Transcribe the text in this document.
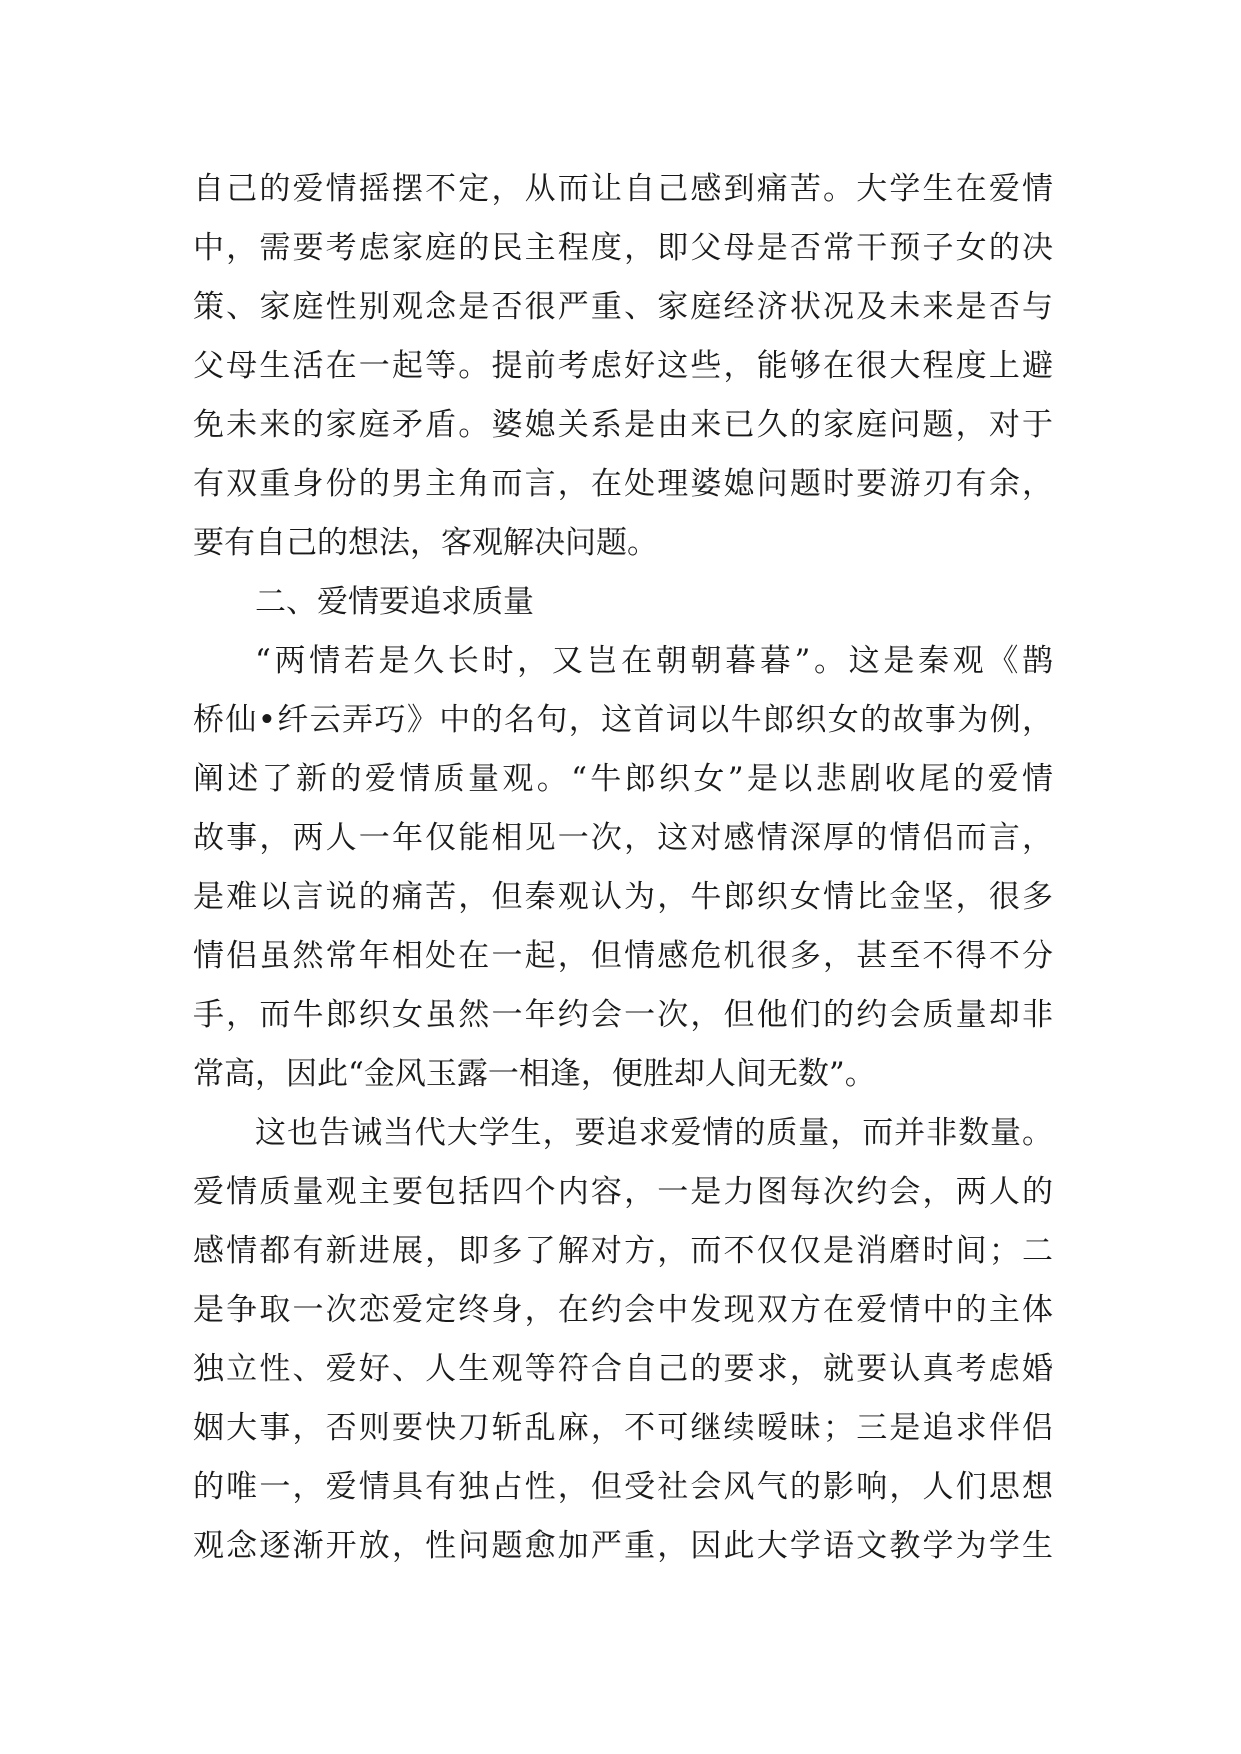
自己的爱情摇摆不定，从而让自己感到痛苦。大学生在爱情
中，需要考虑家庭的民主程度，即父母是否常干预子女的决
策、家庭性别观念是否很严重、家庭经济状况及未来是否与
父母生活在一起等。提前考虑好这些，能够在很大程度上避
免未来的家庭矛盾。婆媳关系是由来已久的家庭问题，对于
有双重身份的男主角而言，在处理婆媳问题时要游刃有余，
要有自己的想法，客观解决问题。
二、爱情要追求质量
“两情若是久长时，又岂在朝朝暮暮”。这是秦观《鹊
桥仙•纤云弄巧》中的名句，这首词以牛郎织女的故事为例，
阐述了新的爱情质量观。“牛郎织女”是以悲剧收尾的爱情
故事，两人一年仅能相见一次，这对感情深厚的情侣而言，
是难以言说的痛苦，但秦观认为，牛郎织女情比金坚，很多
情侣虽然常年相处在一起，但情感危机很多，甚至不得不分
手，而牛郎织女虽然一年约会一次，但他们的约会质量却非
常高，因此“金风玉露一相逢，便胜却人间无数”。
这也告诫当代大学生，要追求爱情的质量，而并非数量。
爱情质量观主要包括四个内容，一是力图每次约会，两人的
感情都有新进展，即多了解对方，而不仅仅是消磨时间；二
是争取一次恋爱定终身，在约会中发现双方在爱情中的主体
独立性、爱好、人生观等符合自己的要求，就要认真考虑婚
姻大事，否则要快刀斩乱麻，不可继续暧昧；三是追求伴侣
的唯一，爱情具有独占性，但受社会风气的影响，人们思想
观念逐渐开放，性问题愈加严重，因此大学语文教学为学生
